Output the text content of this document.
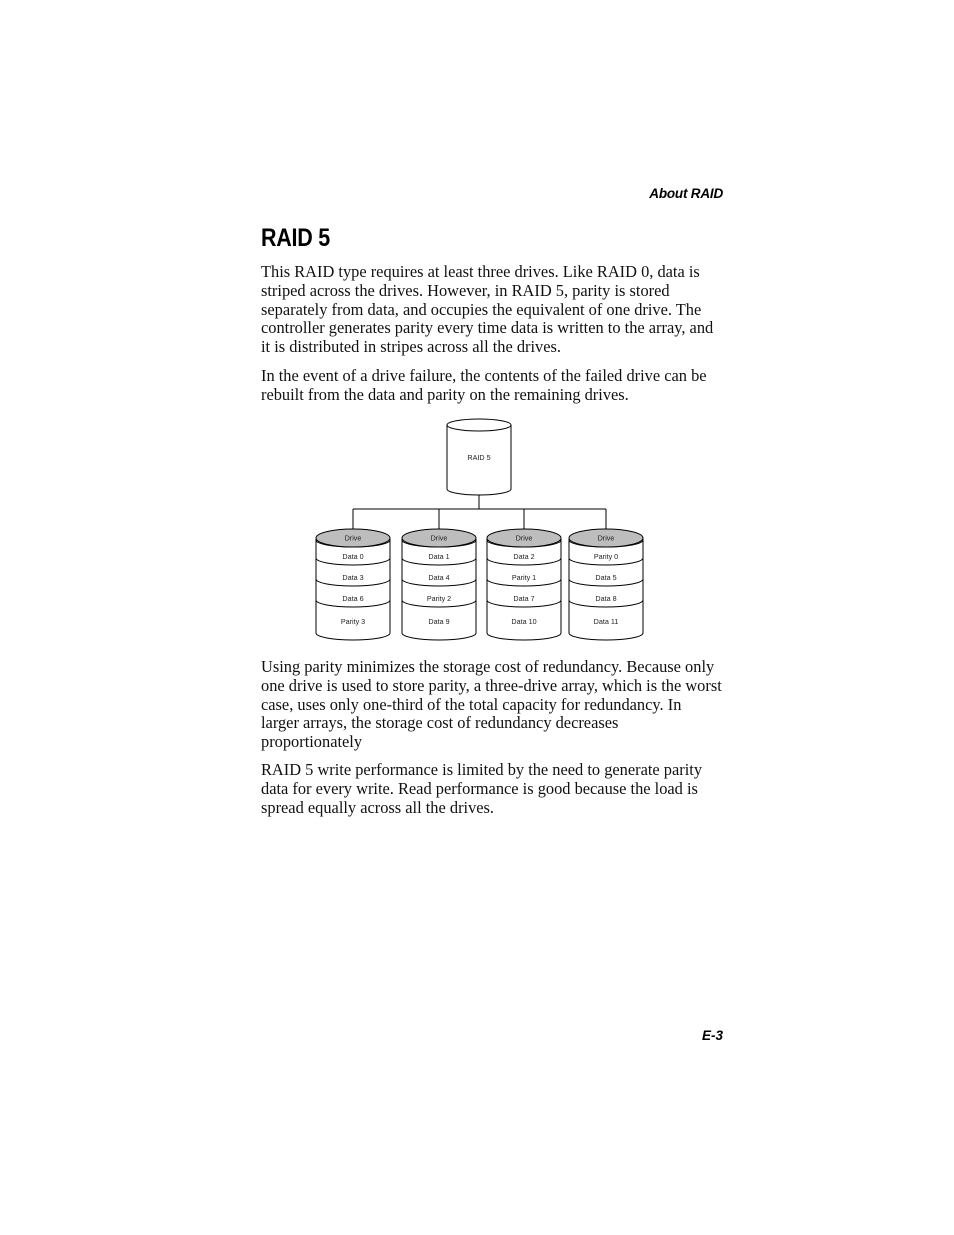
About RAID
RAID 5

This RAID type requires at least three drives. Like RAID 0, data is striped across the drives. However, in RAID 5, parity is stored separately from data, and occupies the equivalent of one drive. The controller generates parity every time data is written to the array, and it is distributed in stripes across all the drives.

In the event of a drive failure, the contents of the failed drive can be rebuilt from the data and parity on the remaining drives.

RAID 5
Drive
Data 0
Data 3
Data 6
Parity 3
Drive
Data 1
Data 4
Parity 2
Data 9
Drive
Data 2
Parity 1
Data 7
Data 10
Drive
Parity 0
Data 5
Data 8
Data 11

Using parity minimizes the storage cost of redundancy. Because only one drive is used to store parity, a three-drive array, which is the worst case, uses only one-third of the total capacity for redundancy. In larger arrays, the storage cost of redundancy decreases proportionately

RAID 5 write performance is limited by the need to generate parity data for every write. Read performance is good because the load is spread equally across all the drives.

E-3
